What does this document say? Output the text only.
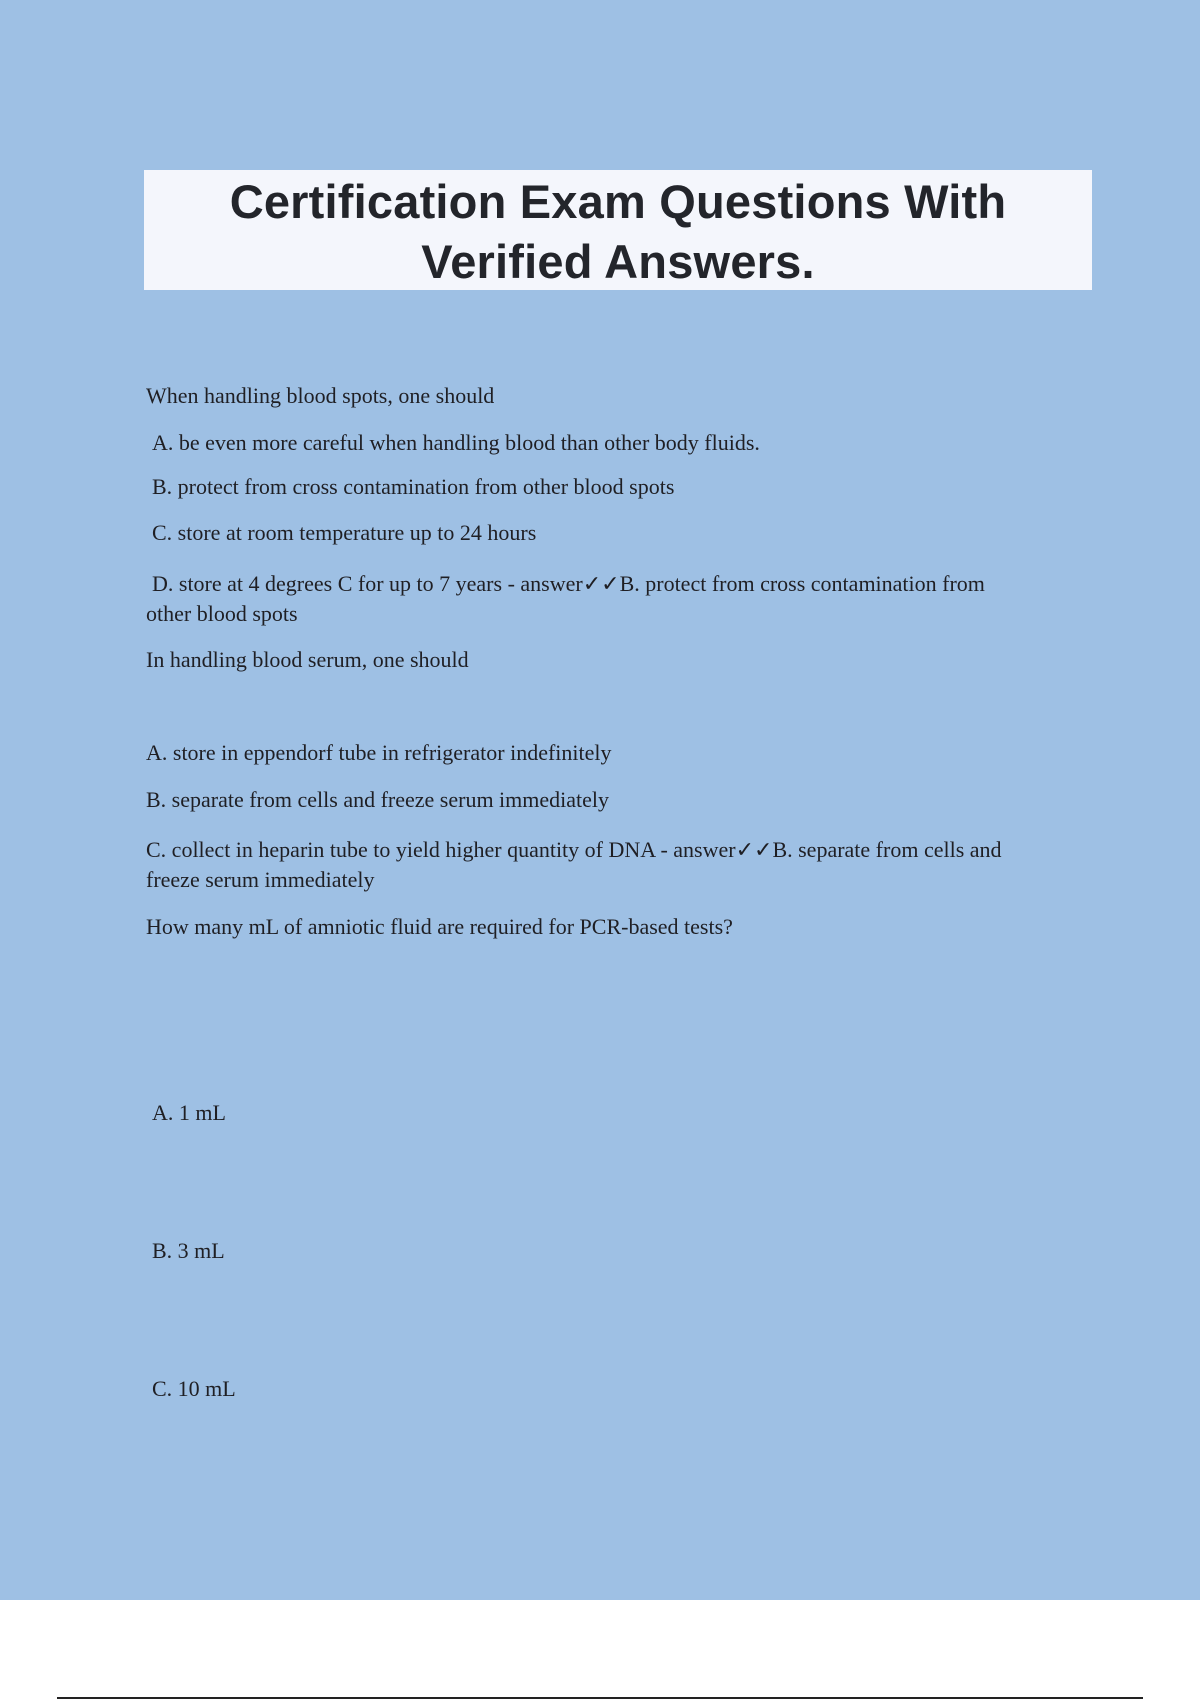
Certification Exam Questions With

Verified Answers.

When handling blood spots, one should

A. be even more careful when handling blood than other body fluids.

B. protect from cross contamination from other blood spots

C. store at room temperature up to 24 hours

D. store at 4 degrees C for up to 7 years - answer✓✓B. protect from cross contamination from

other blood spots

In handling blood serum, one should

A. store in eppendorf tube in refrigerator indefinitely

B. separate from cells and freeze serum immediately

C. collect in heparin tube to yield higher quantity of DNA - answer✓✓B. separate from cells and

freeze serum immediately

How many mL of amniotic fluid are required for PCR-based tests?

A. 1 mL

B. 3 mL

C. 10 mL
